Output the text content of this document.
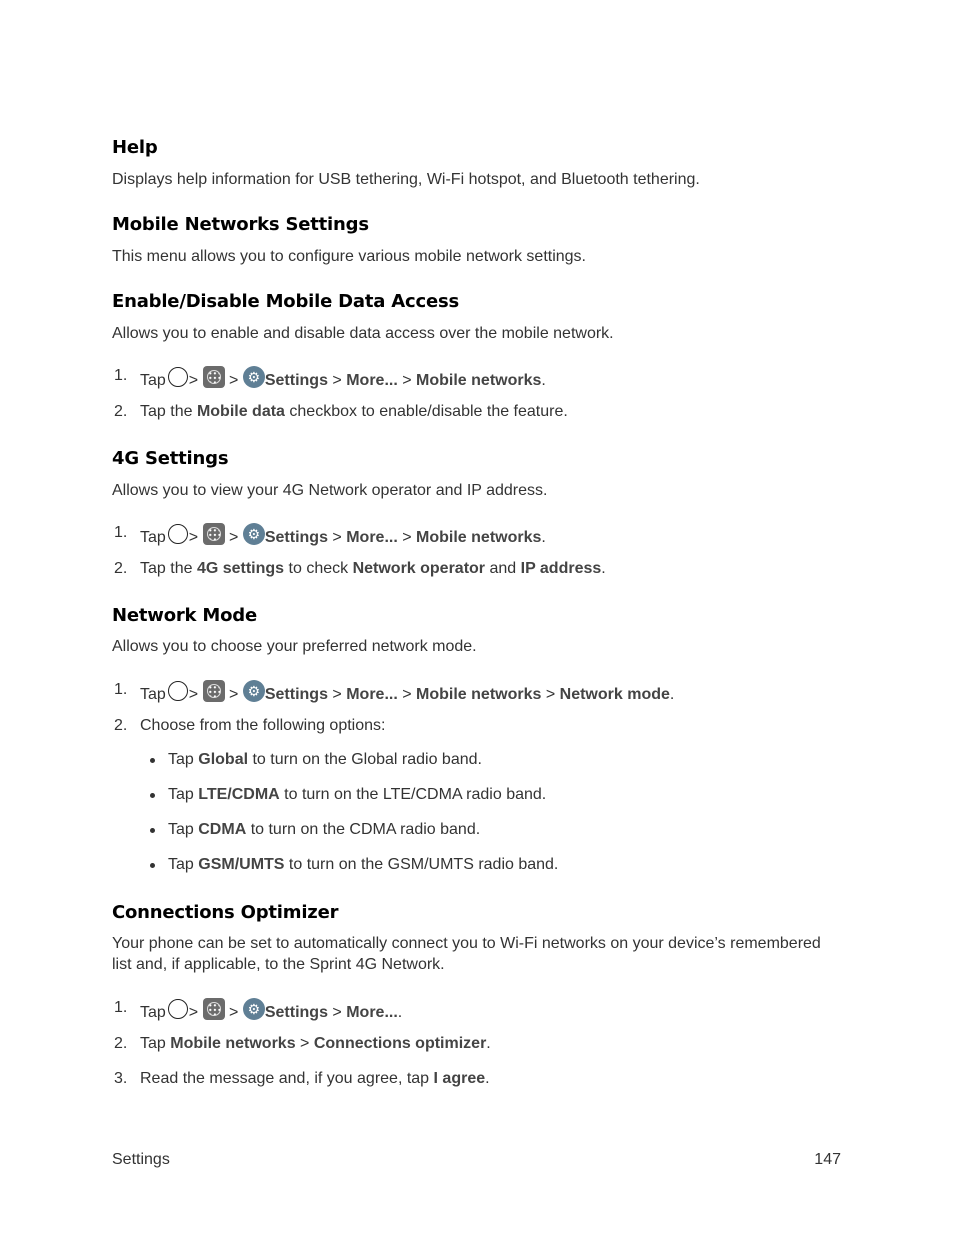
Help

Displays help information for USB tethering, Wi-Fi hotspot, and Bluetooth tethering.

Mobile Networks Settings

This menu allows you to configure various mobile network settings.

Enable/Disable Mobile Data Access

Allows you to enable and disable data access over the mobile network.

1. Tap > > ⚙ Settings > More... > Mobile networks.
2. Tap the Mobile data checkbox to enable/disable the feature.
4G Settings

Allows you to view your 4G Network operator and IP address.

1. Tap > > ⚙ Settings > More... > Mobile networks.
2. Tap the 4G settings to check Network operator and IP address.
Network Mode

Allows you to choose your preferred network mode.

1. Tap > > ⚙ Settings > More... > Mobile networks > Network mode.
2. Choose from the following options:
Tap Global to turn on the Global radio band.
Tap LTE/CDMA to turn on the LTE/CDMA radio band.
Tap CDMA to turn on the CDMA radio band.
Tap GSM/UMTS to turn on the GSM/UMTS radio band.
Connections Optimizer

Your phone can be set to automatically connect you to Wi-Fi networks on your device’s remembered

list and, if applicable, to the Sprint 4G Network.

1. Tap > > ⚙ Settings > More....
2. Tap Mobile networks > Connections optimizer.
3. Read the message and, if you agree, tap I agree.
Settings	147
